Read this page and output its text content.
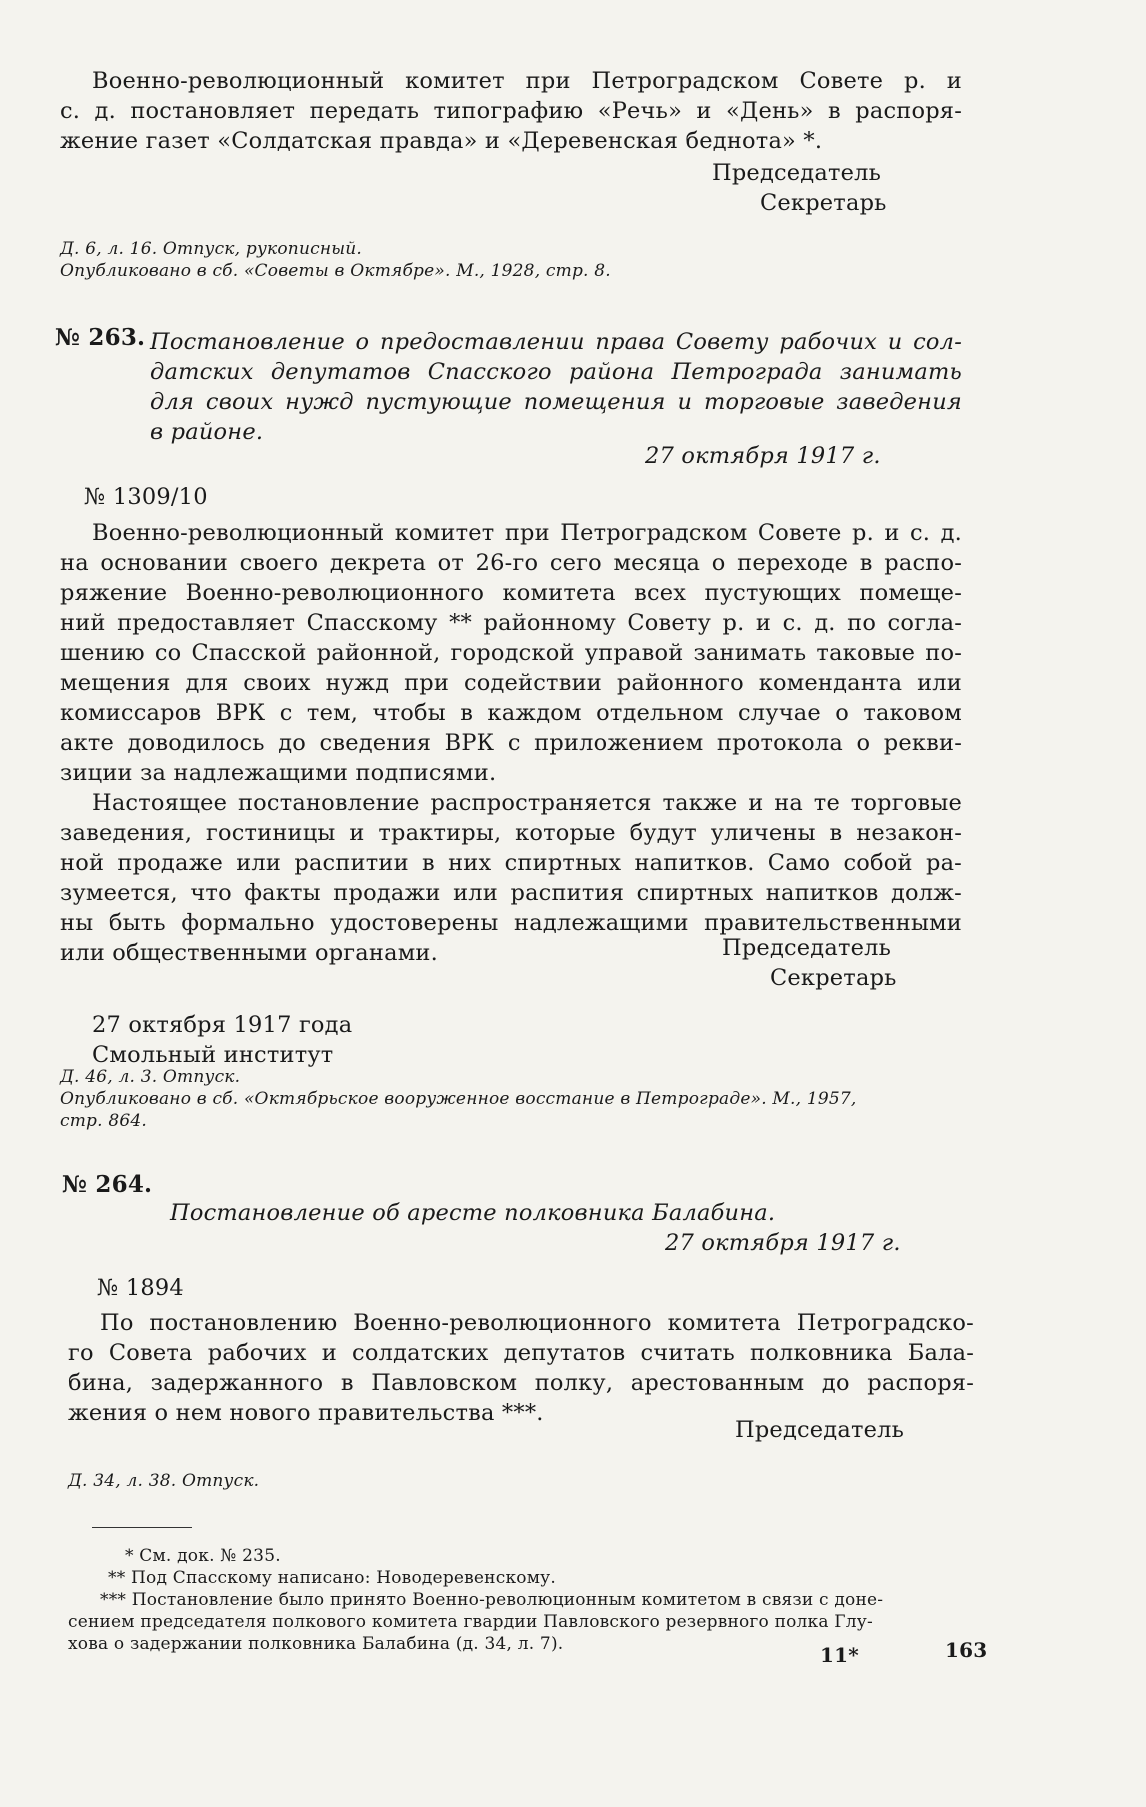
Военно-революционный комитет при Петроградском Совете р. и
с. д. постановляет передать типографию «Речь» и «День» в распоря-
жение газет «Солдатская правда» и «Деревенская беднота» *.
Председатель
Секретарь
Д. 6, л. 16. Отпуск, рукописный.
Опубликовано в сб. «Советы в Октябре». М., 1928, стр. 8.
№ 263. Постановление о предоставлении права Совету рабочих и сол-
датских депутатов Спасского района Петрограда занимать
для своих нужд пустующие помещения и торговые заведения
в районе.
27 октября 1917 г.
№ 1309/10
Военно-революционный комитет при Петроградском Совете р. и с. д.
на основании своего декрета от 26-го сего месяца о переходе в распо-
ряжение Военно-революционного комитета всех пустующих помеще-
ний предоставляет Спасскому ** районному Совету р. и с. д. по согла-
шению со Спасской районной, городской управой занимать таковые по-
мещения для своих нужд при содействии районного коменданта или
комиссаров ВРК с тем, чтобы в каждом отдельном случае о таковом
акте доводилось до сведения ВРК с приложением протокола о рекви-
зиции за надлежащими подписями.
Настоящее постановление распространяется также и на те торговые
заведения, гостиницы и трактиры, которые будут уличены в незакон-
ной продаже или распитии в них спиртных напитков. Само собой ра-
зумеется, что факты продажи или распития спиртных напитков долж-
ны быть формально удостоверены надлежащими правительственными
или общественными органами.	Председатель
Секретарь
27 октября 1917 года
Смольный институт
Д. 46, л. 3. Отпуск.
Опубликовано в сб. «Октябрьское вооруженное восстание в Петрограде». М., 1957,
стр. 864.
№ 264.
Постановление об аресте полковника Балабина.
27 октября 1917 г.
№ 1894
По постановлению Военно-революционного комитета Петроградско-
го Совета рабочих и солдатских депутатов считать полковника Бала-
бина, задержанного в Павловском полку, арестованным до распоря-
жения о нем нового правительства ***.
Председатель
Д. 34, л. 38. Отпуск.
* См. док. № 235.
** Под Спасскому написано: Новодеревенскому.
*** Постановление было принято Военно-революционным комитетом в связи с доне-
сением председателя полкового комитета гвардии Павловского резервного полка Глу-
хова о задержании полковника Балабина (д. 34, л. 7).	11*	163
